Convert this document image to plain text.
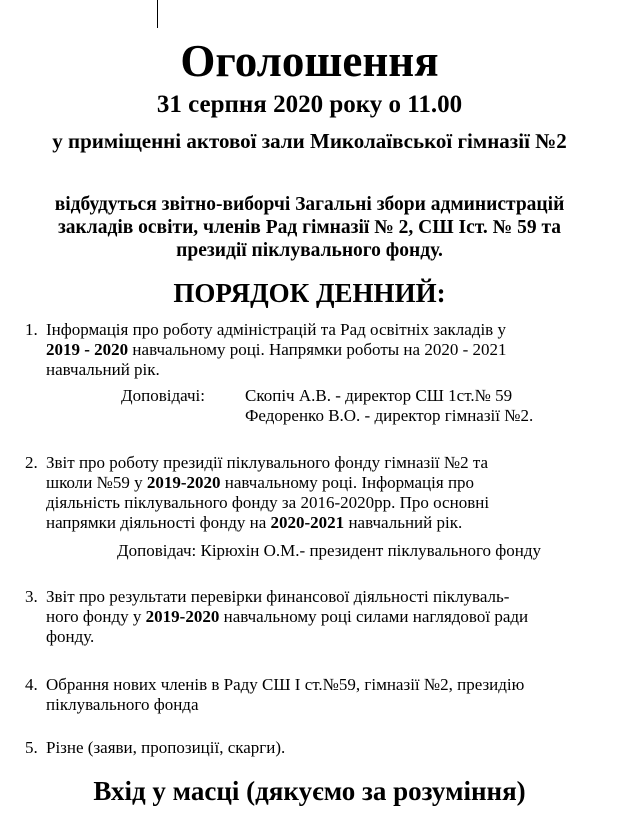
Оголошення
31 серпня 2020 року о 11.00
у приміщенні актової зали Миколаївської гімназії №2
відбудуться звітно-виборчі Загальні збори администрацій
закладів освіти, членів Рад гімназії № 2, СШ Іст. № 59 та
президії піклувального фонду.
ПОРЯДОК ДЕННИЙ:
1. Інформація про роботу адміністрацій та Рад освітніх закладів у
2019 - 2020 навчальному році. Напрямки роботы на 2020 - 2021
навчальний рік.
Доповідачі: Скопіч А.В. - директор СШ 1ст.№ 59
Федоренко В.О. - директор гімназії №2.
2. Звіт про роботу президії піклувального фонду гімназії №2 та
школи №59 у 2019-2020 навчальному році. Інформація про
діяльність піклувального фонду за 2016-2020рр. Про основні
напрямки діяльності фонду на 2020-2021 навчальний рік.
Доповідач: Кірюхін О.М.- президент піклувального фонду
3. Звіт про результати перевірки финансової діяльності піклуваль-
ного фонду у 2019-2020 навчальному році силами наглядової ради
фонду.
4. Обрання нових членів в Раду СШ І ст.№59, гімназії №2, президію
піклувального фонда
5. Різне (заяви, пропозиції, скарги).
Вхід у масці (дякуємо за розуміння)
